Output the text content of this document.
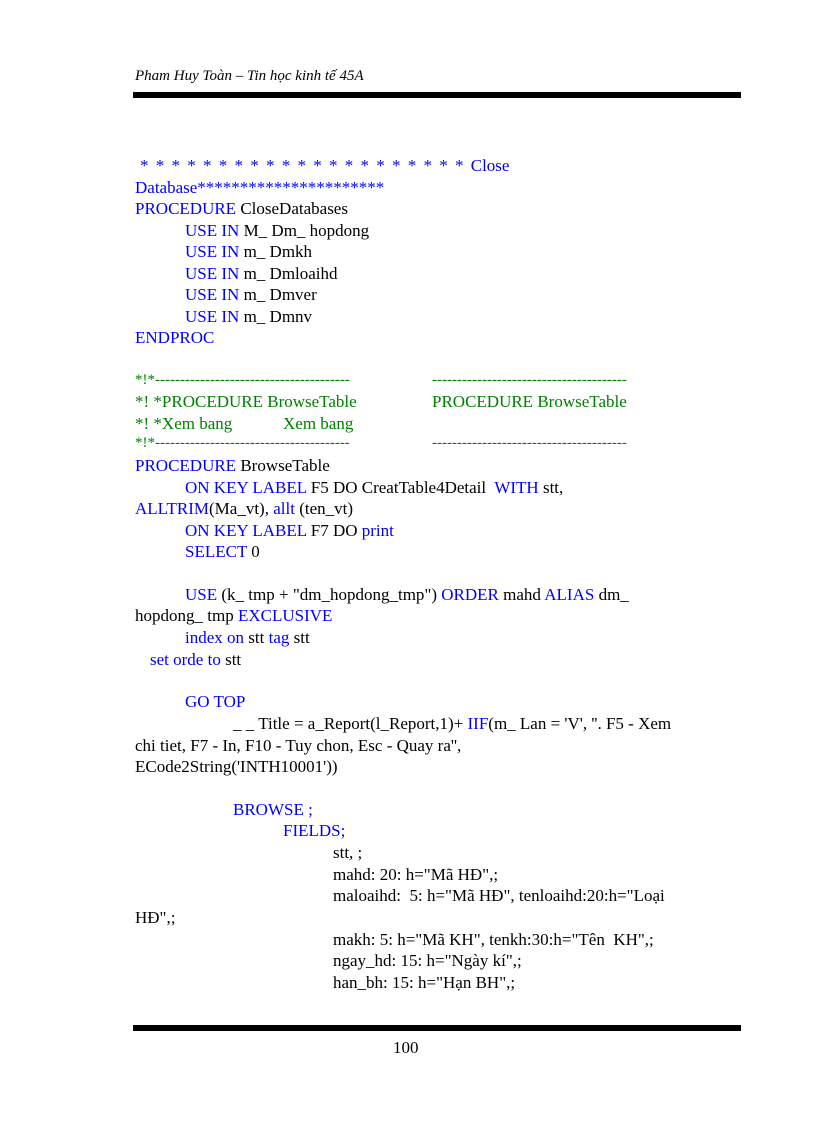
Pham Huy Toàn – Tin học kinh tế 45A
* * * * * * * * * * * * * * * * * * * * * Close
Database**********************
PROCEDURE CloseDatabases
USE IN M_ Dm_ hopdong
USE IN m_ Dmkh
USE IN m_ Dmloaihd
USE IN m_ Dmver
USE IN m_ Dmnv
ENDPROC
*!*---------------------------------------	---------------------------------------
*! *PROCEDURE BrowseTable	PROCEDURE BrowseTable
*! *Xem bang	Xem bang
*!*---------------------------------------	---------------------------------------
PROCEDURE BrowseTable
ON KEY LABEL F5 DO CreatTable4Detail  WITH stt,
ALLTRIM(Ma_vt), allt (ten_vt)
ON KEY LABEL F7 DO print
SELECT 0
USE (k_ tmp + "dm_hopdong_tmp") ORDER mahd ALIAS dm_
hopdong_ tmp EXCLUSIVE
index on stt tag stt
set orde to stt
GO TOP
_ _ Title = a_Report(l_Report,1)+ IIF(m_ Lan = 'V', ''. F5 - Xem
chi tiet, F7 - In, F10 - Tuy chon, Esc - Quay ra'',
ECode2String('INTH10001'))
BROWSE ;
FIELDS;
stt, ;
mahd: 20: h="Mã HĐ",;
maloaihd:  5: h="Mã HĐ", tenloaihd:20:h="Loại
HĐ",;
makh: 5: h="Mã KH", tenkh:30:h="Tên  KH",;
ngay_hd: 15: h="Ngày kí",;
han_bh: 15: h="Hạn BH",;
100
